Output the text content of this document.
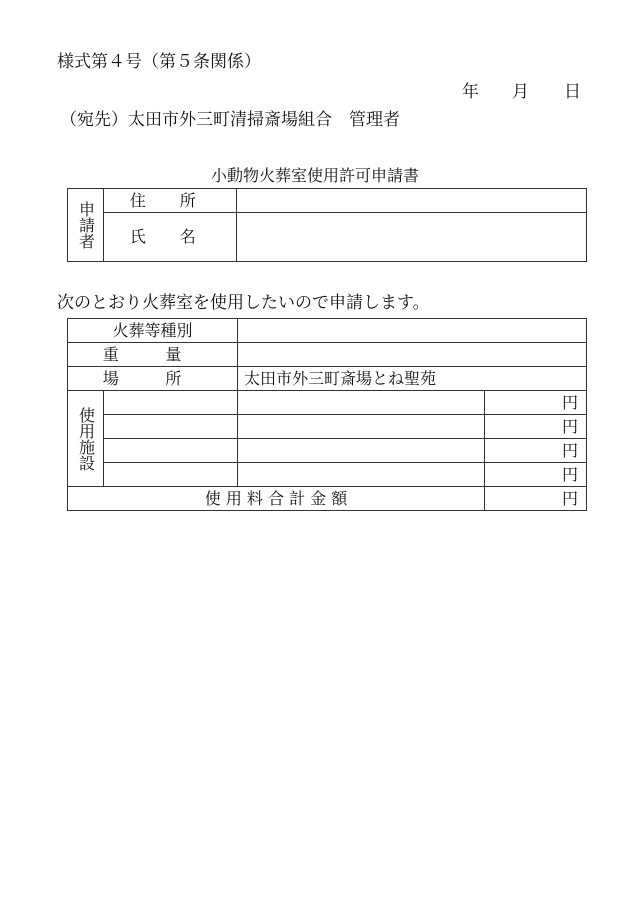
様式第４号（第５条関係）
年 月 日
（宛先）太田市外三町清掃斎場組合　管理者
小動物火葬室使用許可申請書
申請者	住 所	
	氏 名	
次のとおり火葬室を使用したいので申請します。
火葬等種別			
重 量			
場 所		太田市外三町斎場とね聖苑	

使用施設			円
			円
			円
			円
使 用 料 合 計 金 額			円
